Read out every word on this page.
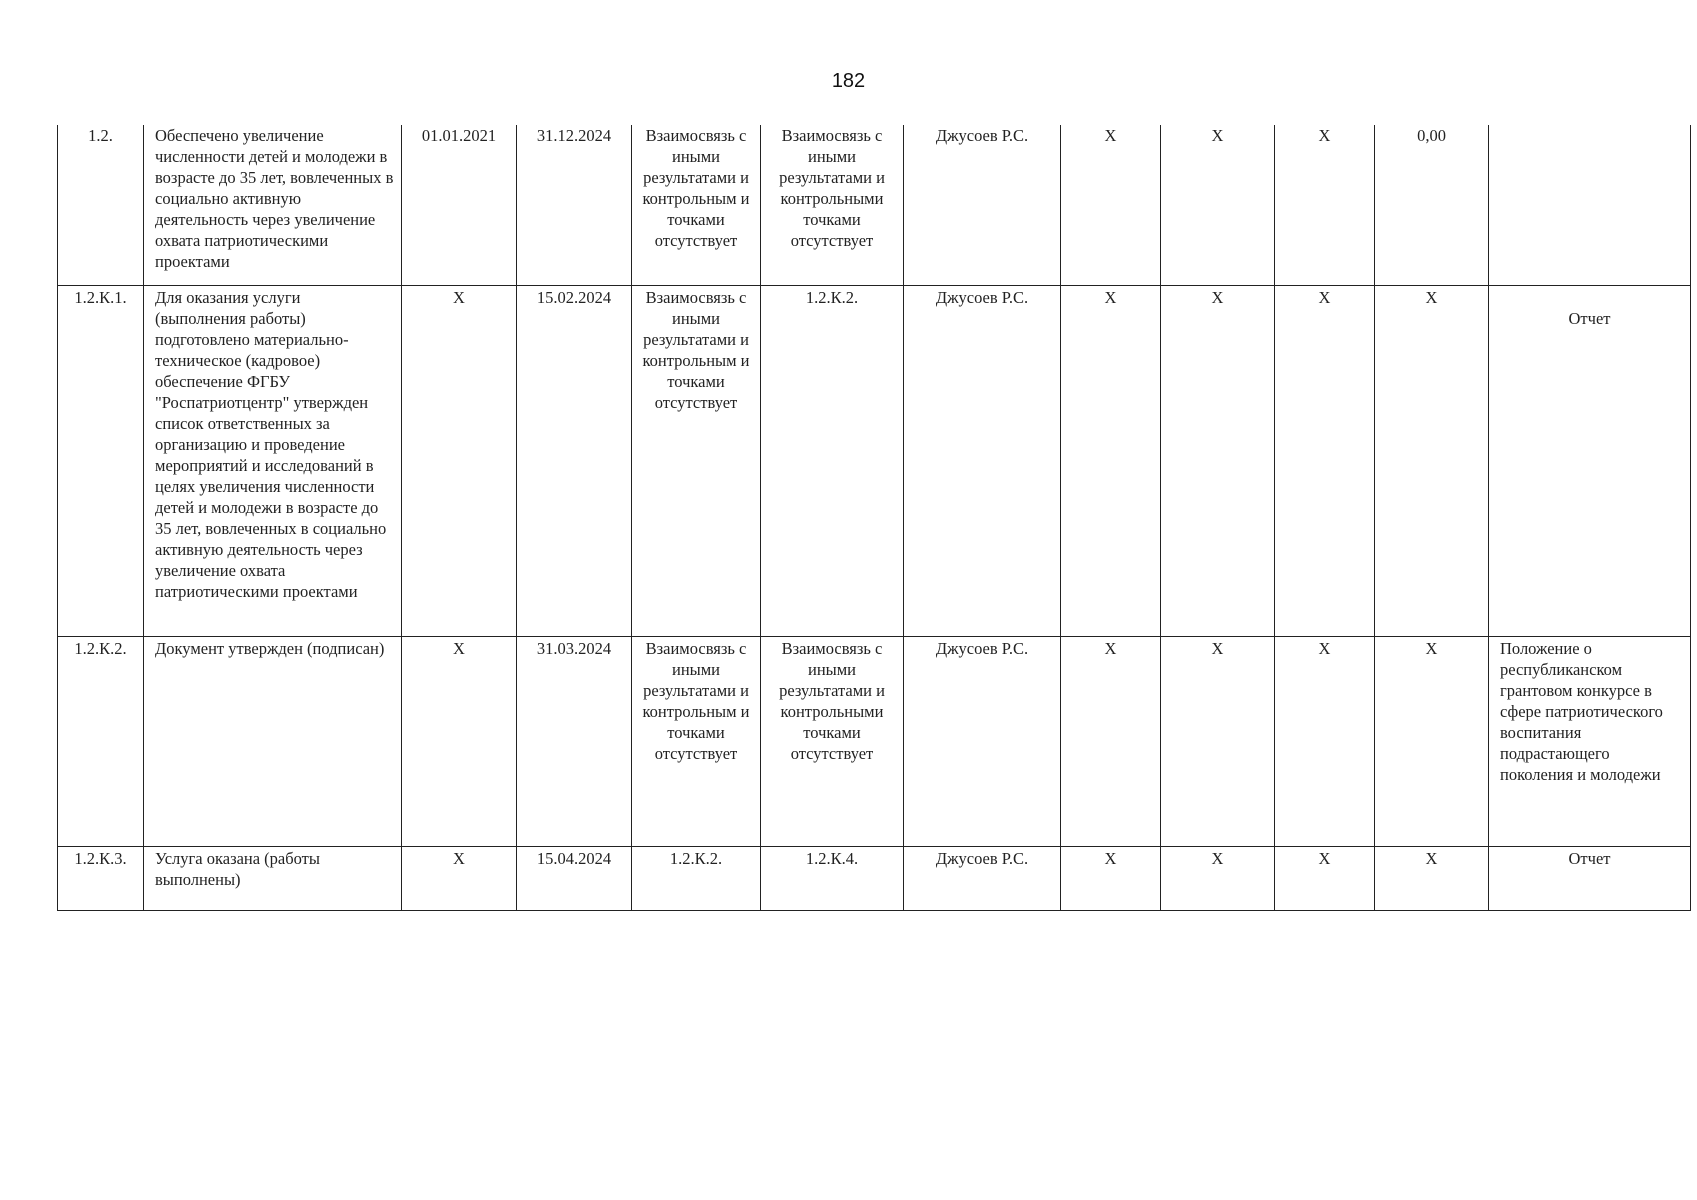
182
1.2.	Обеспечено увеличение численности детей и молодежи в возрасте до 35 лет, вовлеченных в социально активную деятельность через увеличение охвата патриотическими проектами	01.01.2021	31.12.2024	Взаимосвязь с иными результатами и контрольным и точками отсутствует	Взаимосвязь с иными результатами и контрольными точками отсутствует	Джусоев Р.С.	X	X	X	0,00	
1.2.К.1.	Для оказания услуги (выполнения работы) подготовлено материально-техническое (кадровое) обеспечение ФГБУ "Роспатриотцентр" утвержден список ответственных за организацию и проведение мероприятий и исследований в целях увеличения численности детей и молодежи в возрасте до 35 лет, вовлеченных в социально активную деятельность через увеличение охвата патриотическими проектами	X	15.02.2024	Взаимосвязь с иными результатами и контрольным и точками отсутствует	1.2.К.2.	Джусоев Р.С.	X	X	X	X	Отчет
1.2.К.2.	Документ утвержден (подписан)	X	31.03.2024	Взаимосвязь с иными результатами и контрольным и точками отсутствует	Взаимосвязь с иными результатами и контрольными точками отсутствует	Джусоев Р.С.	X	X	X	X	Положение о республиканском грантовом конкурсе в сфере патриотического воспитания подрастающего поколения и молодежи
1.2.К.3.	Услуга оказана (работы выполнены)	X	15.04.2024	1.2.К.2.	1.2.К.4.	Джусоев Р.С.	X	X	X	X	Отчет
